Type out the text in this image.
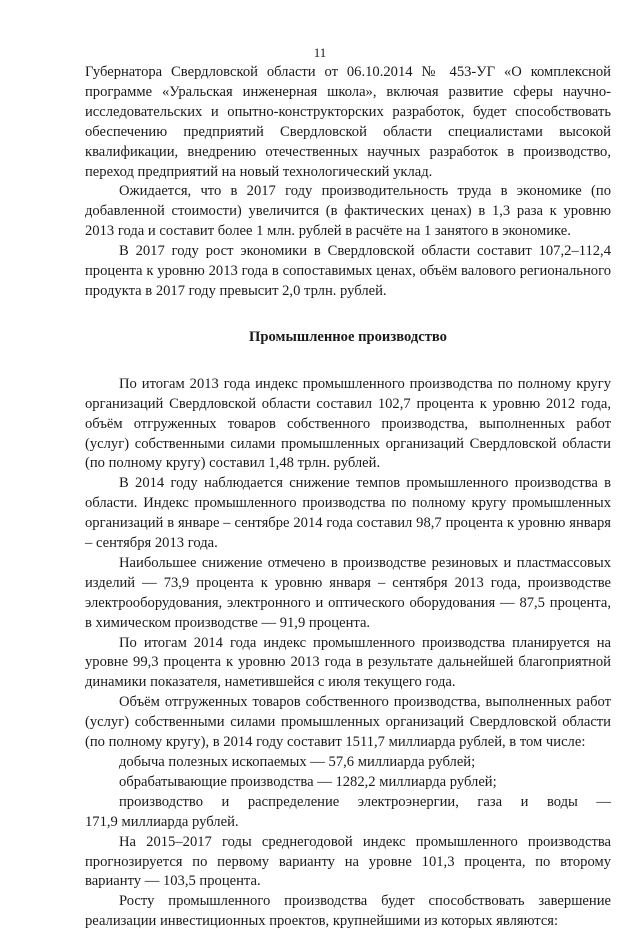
11

Губернатора Свердловской области от 06.10.2014 № 453-УГ «О комплексной программе «Уральская инженерная школа», включая развитие сферы научно-исследовательских и опытно-конструкторских разработок, будет способствовать обеспечению предприятий Свердловской области специалистами высокой квалификации, внедрению отечественных научных разработок в производство, переход предприятий на новый технологический уклад.

Ожидается, что в 2017 году производительность труда в экономике (по добавленной стоимости) увеличится (в фактических ценах) в 1,3 раза к уровню 2013 года и составит более 1 млн. рублей в расчёте на 1 занятого в экономике.

В 2017 году рост экономики в Свердловской области составит 107,2–112,4 процента к уровню 2013 года в сопоставимых ценах, объём валового регионального продукта в 2017 году превысит 2,0 трлн. рублей.

Промышленное производство

По итогам 2013 года индекс промышленного производства по полному кругу организаций Свердловской области составил 102,7 процента к уровню 2012 года, объём отгруженных товаров собственного производства, выполненных работ (услуг) собственными силами промышленных организаций Свердловской области (по полному кругу) составил 1,48 трлн. рублей.

В 2014 году наблюдается снижение темпов промышленного производства в области. Индекс промышленного производства по полному кругу промышленных организаций в январе – сентябре 2014 года составил 98,7 процента к уровню января – сентября 2013 года.

Наибольшее снижение отмечено в производстве резиновых и пластмассовых изделий — 73,9 процента к уровню января – сентября 2013 года, производстве электрооборудования, электронного и оптического оборудования — 87,5 процента, в химическом производстве — 91,9 процента.

По итогам 2014 года индекс промышленного производства планируется на уровне 99,3 процента к уровню 2013 года в результате дальнейшей благоприятной динамики показателя, наметившейся с июля текущего года.

Объём отгруженных товаров собственного производства, выполненных работ (услуг) собственными силами промышленных организаций Свердловской области (по полному кругу), в 2014 году составит 1511,7 миллиарда рублей, в том числе:

добыча полезных ископаемых — 57,6 миллиарда рублей;

обрабатывающие производства — 1282,2 миллиарда рублей;

производство и распределение электроэнергии, газа и воды —

171,9 миллиарда рублей.

На 2015–2017 годы среднегодовой индекс промышленного производства прогнозируется по первому варианту на уровне 101,3 процента, по второму варианту — 103,5 процента.

Росту промышленного производства будет способствовать завершение реализации инвестиционных проектов, крупнейшими из которых являются:
